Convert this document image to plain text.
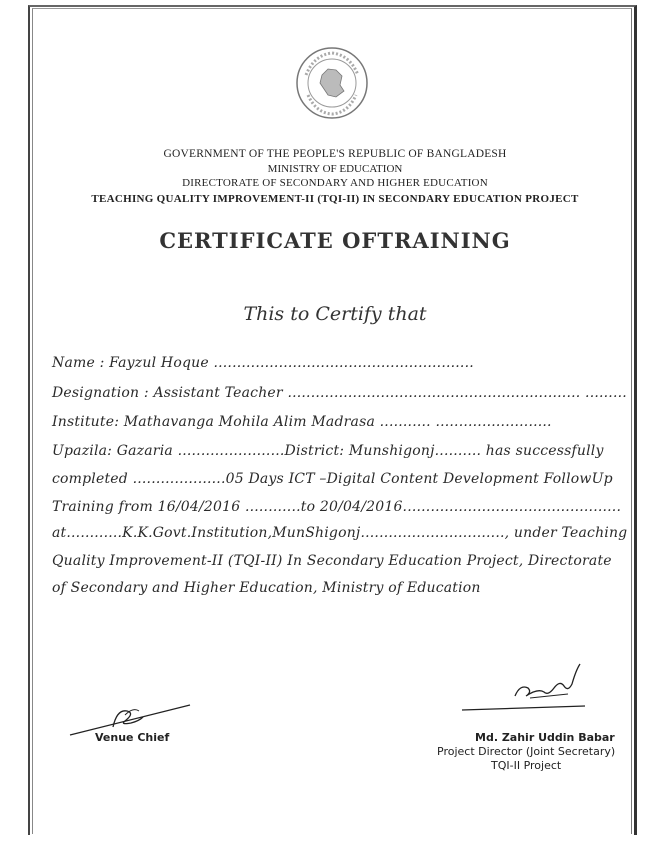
GOVERNMENT OF THE PEOPLE'S REPUBLIC OF BANGLADESH
MINISTRY OF EDUCATION
DIRECTORATE OF SECONDARY AND HIGHER EDUCATION
TEACHING QUALITY IMPROVEMENT-II (TQI-II) IN SECONDARY EDUCATION PROJECT
CERTIFICATE OFTRAINING
This to Certify that
Name : Fayzul Hoque ........................................................
Designation : Assistant Teacher ............................................................... .........
Institute: Mathavanga Mohila Alim Madrasa ........... .........................
Upazila: Gazaria .......................District: Munshigonj.......... has successfully
completed ....................05 Days ICT –Digital Content Development FollowUp
Training from 16/04/2016 ............to 20/04/2016...............................................
at............K.K.Govt.Institution,MunShigonj..............................., under Teaching
Quality Improvement-II (TQI-II) In Secondary Education Project, Directorate
of Secondary and Higher Education, Ministry of Education
Venue Chief	Md. Zahir Uddin Babar
Project Director (Joint Secretary)
TQI-II Project
